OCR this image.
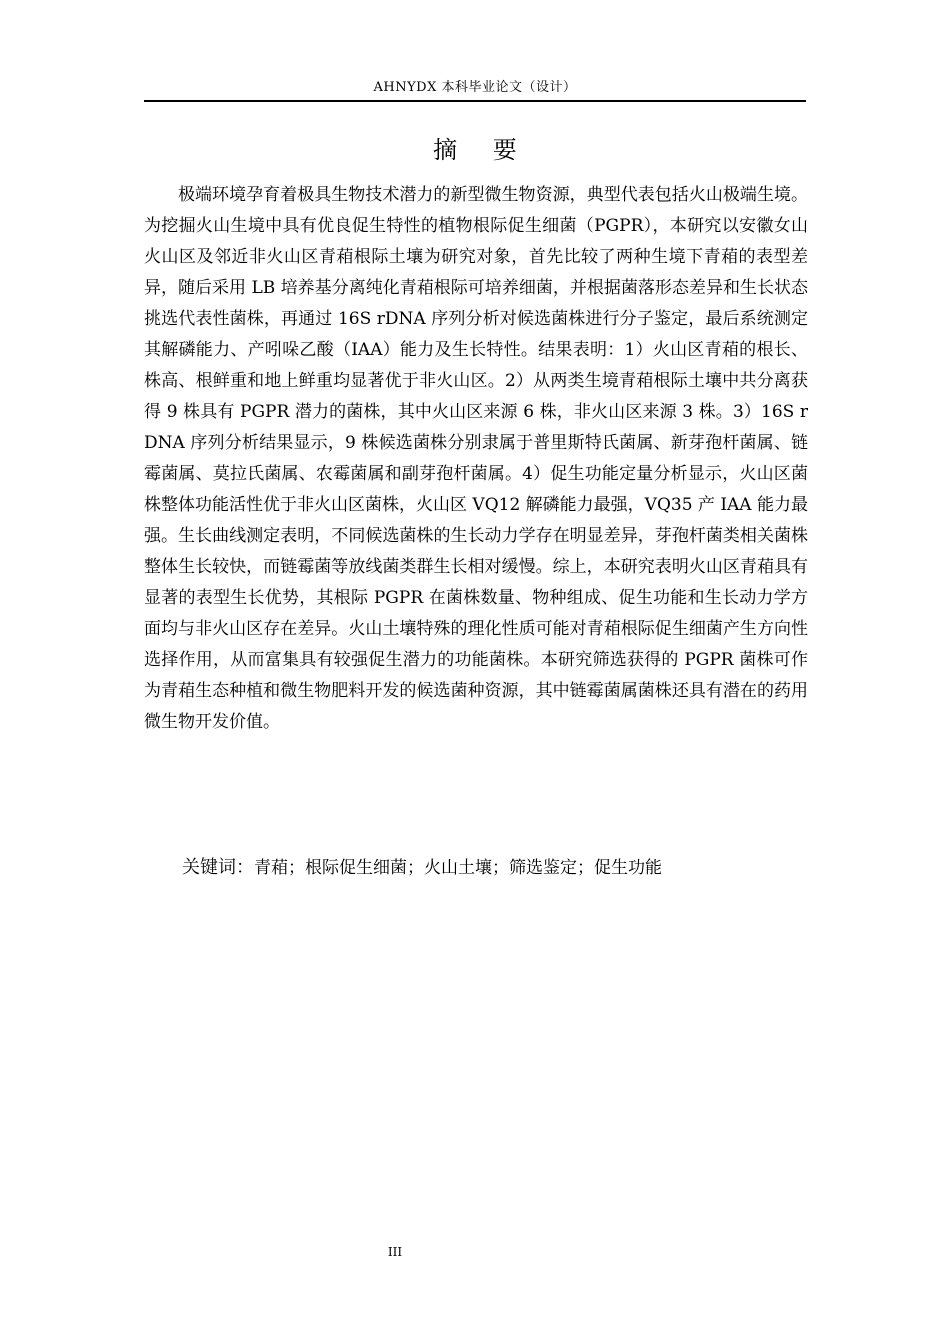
AHNYDX 本科毕业论文（设计）
摘 要

极端环境孕育着极具生物技术潜力的新型微生物资源，典型代表包括火山极端生境。为挖掘火山生境中具有优良促生特性的植物根际促生细菌（PGPR），本研究以安徽女山火山区及邻近非火山区青葙根际土壤为研究对象，首先比较了两种生境下青葙的表型差异，随后采用 LB 培养基分离纯化青葙根际可培养细菌，并根据菌落形态差异和生长状态挑选代表性菌株，再通过 16S rDNA 序列分析对候选菌株进行分子鉴定，最后系统测定其解磷能力、产吲哚乙酸（IAA）能力及生长特性。结果表明：1）火山区青葙的根长、株高、根鲜重和地上鲜重均显著优于非火山区。2）从两类生境青葙根际土壤中共分离获得 9 株具有 PGPR 潜力的菌株，其中火山区来源 6 株，非火山区来源 3 株。3）16S rDNA 序列分析结果显示，9 株候选菌株分别隶属于普里斯特氏菌属、新芽孢杆菌属、链霉菌属、莫拉氏菌属、农霉菌属和副芽孢杆菌属。4）促生功能定量分析显示，火山区菌株整体功能活性优于非火山区菌株，火山区 VQ12 解磷能力最强，VQ35 产 IAA 能力最强。生长曲线测定表明，不同候选菌株的生长动力学存在明显差异，芽孢杆菌类相关菌株整体生长较快，而链霉菌等放线菌类群生长相对缓慢。综上，本研究表明火山区青葙具有显著的表型生长优势，其根际 PGPR 在菌株数量、物种组成、促生功能和生长动力学方面均与非火山区存在差异。火山土壤特殊的理化性质可能对青葙根际促生细菌产生方向性选择作用，从而富集具有较强促生潜力的功能菌株。本研究筛选获得的 PGPR 菌株可作为青葙生态种植和微生物肥料开发的候选菌种资源，其中链霉菌属菌株还具有潜在的药用微生物开发价值。

关键词：青葙；根际促生细菌；火山土壤；筛选鉴定；促生功能
III
